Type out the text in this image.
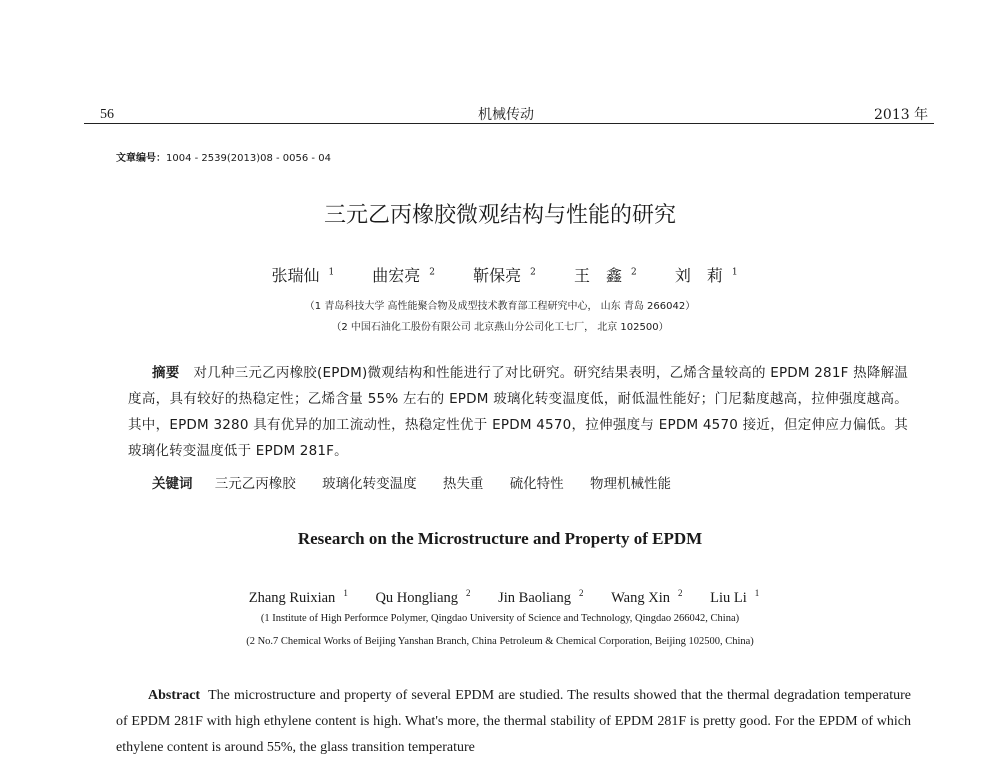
56	机械传动	2013 年
文章编号：1004 - 2539(2013)08 - 0056 - 04
三元乙丙橡胶微观结构与性能的研究
张瑞仙 $^1$ 曲宏亮 $^2$ 靳保亮 $^2$ 王　鑫 $^2$ 刘　莉 $^1$
（1 青岛科技大学 高性能聚合物及成型技术教育部工程研究中心， 山东 青岛 266042）
（2 中国石油化工股份有限公司 北京燕山分公司化工七厂， 北京 102500）
摘要 对几种三元乙丙橡胶(EPDM)微观结构和性能进行了对比研究。研究结果表明，乙烯含量较高的 EPDM 281F 热降解温度高，具有较好的热稳定性；乙烯含量 55% 左右的 EPDM 玻璃化转变温度低，耐低温性能好；门尼黏度越高，拉伸强度越高。其中，EPDM 3280 具有优异的加工流动性，热稳定性优于 EPDM 4570，拉伸强度与 EPDM 4570 接近，但定伸应力偏低。其玻璃化转变温度低于 EPDM 281F。
关键词 三元乙丙橡胶 玻璃化转变温度 热失重 硫化特性 物理机械性能
Research on the Microstructure and Property of EPDM
Zhang Ruixian $^1$ Qu Hongliang $^2$ Jin Baoliang $^2$ Wang Xin $^2$ Liu Li $^1$
(1 Institute of High Performce Polymer, Qingdao University of Science and Technology, Qingdao 266042, China)
(2 No.7 Chemical Works of Beijing Yanshan Branch, China Petroleum & Chemical Corporation, Beijing 102500, China)
Abstract The microstructure and property of several EPDM are studied. The results showed that the thermal degradation temperature of EPDM 281F with high ethylene content is high. What's more, the thermal stability of EPDM 281F is pretty good. For the EPDM of which ethylene content is around 55%, the glass transition temperature
